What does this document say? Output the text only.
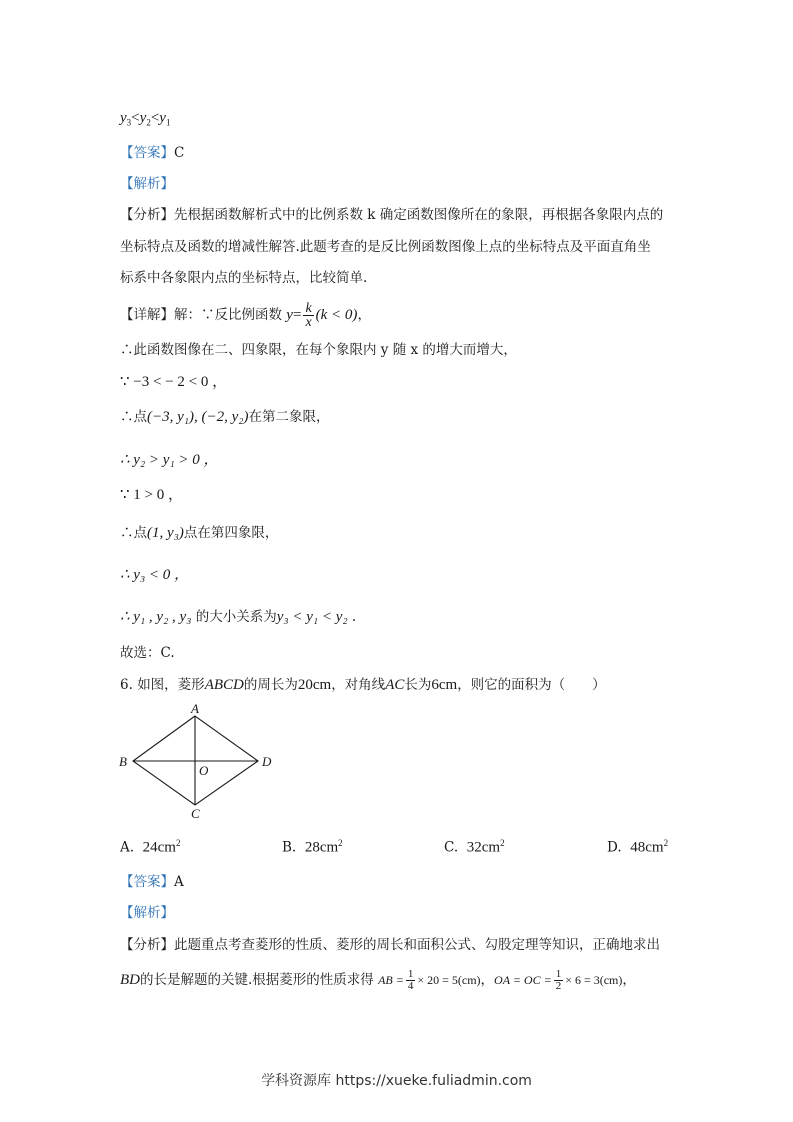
$y_3<y_2<y_1$
【答案】C
【解析】
【分析】先根据函数解析式中的比例系数 k 确定函数图像所在的象限，再根据各象限内点的
坐标特点及函数的增减性解答.此题考查的是反比例函数图像上点的坐标特点及平面直角坐
标系中各象限内点的坐标特点，比较简单.
【详解】解：∵反比例函数 $y= \frac{k}{x} (k < 0)$，
∴此函数图像在二、四象限，在每个象限内 y 随 x 的增大而增大，
∵ −3 < − 2 < 0 ，
∴点(−3, y₁), (−2, y₂)在第二象限，
∴ y₂ > y₁ > 0 ，
∵ 1 > 0 ，
∴点(1, y₃)点在第四象限，
∴ y₃ < 0 ，
∴ y₁ , y₂ , y₃ 的大小关系为y₃ < y₁ < y₂ .
故选：C.
6. 如图，菱形ABCD的周长为20cm，对角线AC长为6cm，则它的面积为（　　）
A
B
C
D
O
A. $24cm^2$	B. $28cm^2$	C. $32cm^2$	D. $48cm^2$
【答案】A
【解析】
【分析】此题重点考查菱形的性质、菱形的周长和面积公式、勾股定理等知识，正确地求出
BD的长是解题的关键.根据菱形的性质求得 AB = $\frac{1}{4} \times 20 = 5(cm)$，OA = OC = $\frac{1}{2} \times 6 = 3(cm)$，
学科资源库 https://xueke.fuliadmin.com
